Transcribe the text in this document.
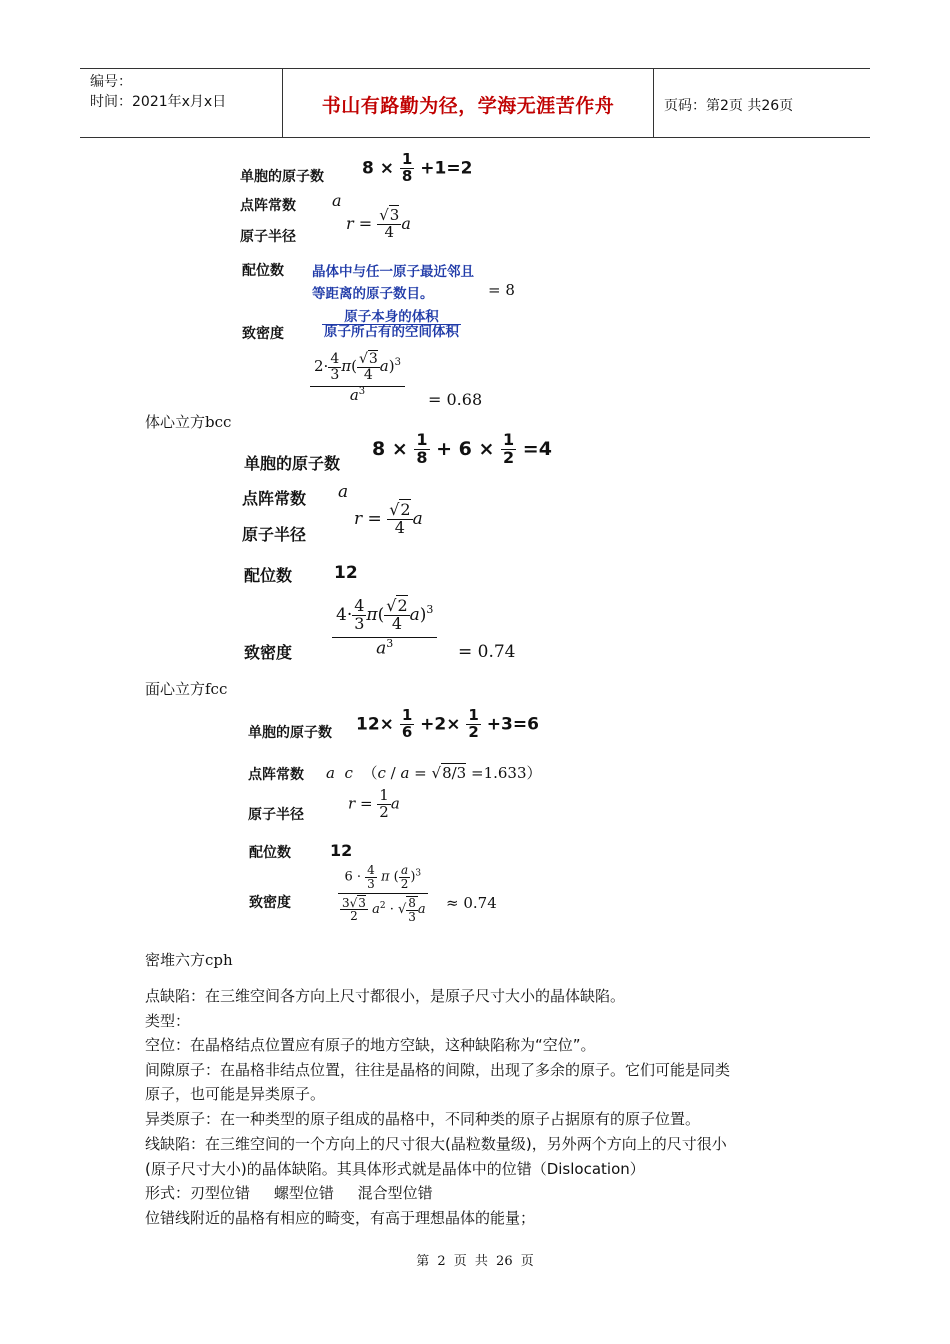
编号：
时间：2021年x月x日	书山有路勤为径，学海无涯苦作舟	页码：第2页 共26页
单胞的原子数 $8 \times \frac{1}{8} +1=2$
点阵常数 a
原子半径
$r = \frac{√3}{4}$ a
配位数 晶体中与任一原子最近邻且
等距离的原子数目。	= 8
致密度	$\frac{\text{原子本身的体积}}{\text{原子所占有的空间体积}}$
$\frac{2\cdot \frac{4}{3} \pi( \frac{√3}{4} a)^3}{a^3} = 0.68$
体心立方bcc
单胞的原子数
$8 \times \frac{1}{8} + 6 \times \frac{1}{2} =4$
点阵常数 a
原子半径
$r = \frac{√2}{4}$ a
配位数 12
致密度 $\frac{4\cdot \frac{4}{3} \pi( \frac{√2}{4} a)^3}{a^3} = 0.74$
面心立方fcc
单胞的原子数 $12\times \frac{1}{6} +2\times \frac{1}{2} +3=6$
点阵常数 a c  （c / a = √8/3 =1.633）
原子半径
$r = \frac{1}{2}$ a
配位数 12
致密度	$\frac{6 \cdot \frac{4}{3} \pi ( \frac{a}{2} )^3}{\frac{3√3}{2} a^2 \cdot √ \frac{8}{3} a} \approx 0.74$
密堆六方cph
点缺陷：在三维空间各方向上尺寸都很小，是原子尺寸大小的晶体缺陷。
类型：
空位：在晶格结点位置应有原子的地方空缺，这种缺陷称为“空位”。
间隙原子：在晶格非结点位置，往往是晶格的间隙，出现了多余的原子。它们可能是同类
原子，也可能是异类原子。
异类原子：在一种类型的原子组成的晶格中，不同种类的原子占据原有的原子位置。
线缺陷：在三维空间的一个方向上的尺寸很大(晶粒数量级)，另外两个方向上的尺寸很小
(原子尺寸大小)的晶体缺陷。其具体形式就是晶体中的位错（Dislocation）
形式：刃型位错     螺型位错     混合型位错
位错线附近的晶格有相应的畸变，有高于理想晶体的能量；
第 2 页 共 26 页
